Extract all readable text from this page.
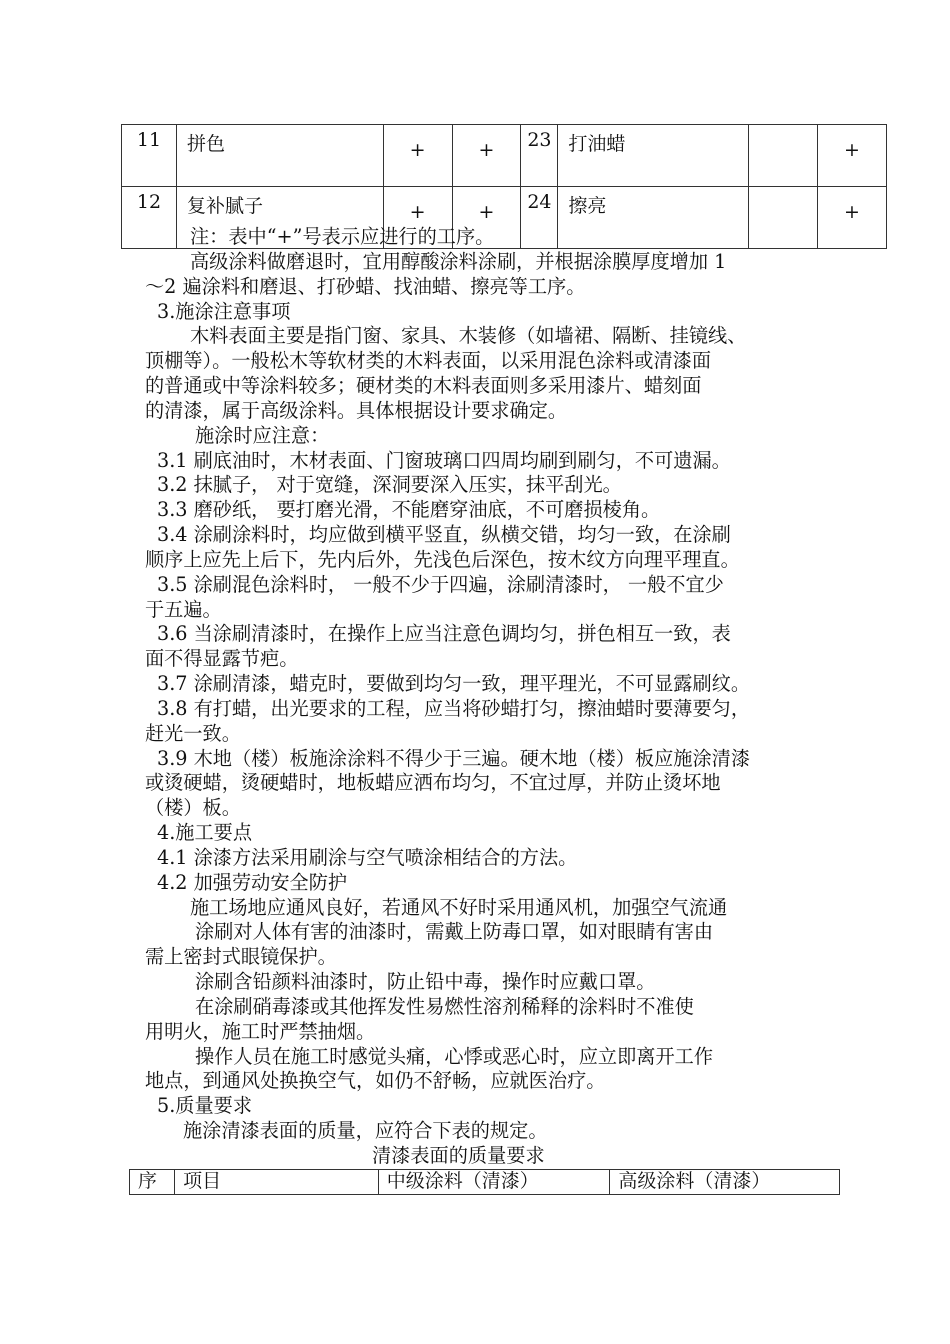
11	拼色	+	+	23	打油蜡		+
12	复补腻子	+	+	24	擦亮		+
注：表中“+”号表示应进行的工序。
高级涂料做磨退时，宜用醇酸涂料涂刷，并根据涂膜厚度增加 1
～2 遍涂料和磨退、打砂蜡、找油蜡、擦亮等工序。
3.施涂注意事项
木料表面主要是指门窗、家具、木装修（如墙裙、隔断、挂镜线、
顶棚等）。一般松木等软材类的木料表面，以采用混色涂料或清漆面
的普通或中等涂料较多；硬材类的木料表面则多采用漆片、蜡刻面
的清漆，属于高级涂料。具体根据设计要求确定。
施涂时应注意：
3.1 刷底油时，木材表面、门窗玻璃口四周均刷到刷匀，不可遗漏。
3.2 抹腻子， 对于宽缝，深洞要深入压实，抹平刮光。
3.3 磨砂纸， 要打磨光滑，不能磨穿油底，不可磨损棱角。
3.4 涂刷涂料时，均应做到横平竖直，纵横交错，均匀一致，在涂刷
顺序上应先上后下，先内后外，先浅色后深色，按木纹方向理平理直。
3.5 涂刷混色涂料时， 一般不少于四遍，涂刷清漆时， 一般不宜少
于五遍。
3.6 当涂刷清漆时，在操作上应当注意色调均匀，拼色相互一致，表
面不得显露节疤。
3.7 涂刷清漆，蜡克时，要做到均匀一致，理平理光，不可显露刷纹。
3.8 有打蜡，出光要求的工程，应当将砂蜡打匀，擦油蜡时要薄要匀，
赶光一致。
3.9 木地（楼）板施涂涂料不得少于三遍。硬木地（楼）板应施涂清漆
或烫硬蜡，烫硬蜡时，地板蜡应洒布均匀，不宜过厚，并防止烫坏地
（楼）板。
4.施工要点
4.1 涂漆方法采用刷涂与空气喷涂相结合的方法。
4.2 加强劳动安全防护
施工场地应通风良好，若通风不好时采用通风机，加强空气流通
涂刷对人体有害的油漆时，需戴上防毒口罩，如对眼睛有害由
需上密封式眼镜保护。
涂刷含铅颜料油漆时，防止铅中毒，操作时应戴口罩。
在涂刷硝毒漆或其他挥发性易燃性溶剂稀释的涂料时不准使
用明火，施工时严禁抽烟。
操作人员在施工时感觉头痛，心悸或恶心时，应立即离开工作
地点，到通风处换换空气，如仍不舒畅，应就医治疗。
5.质量要求
施涂清漆表面的质量，应符合下表的规定。
清漆表面的质量要求
序	项目	中级涂料（清漆）	高级涂料（清漆）
